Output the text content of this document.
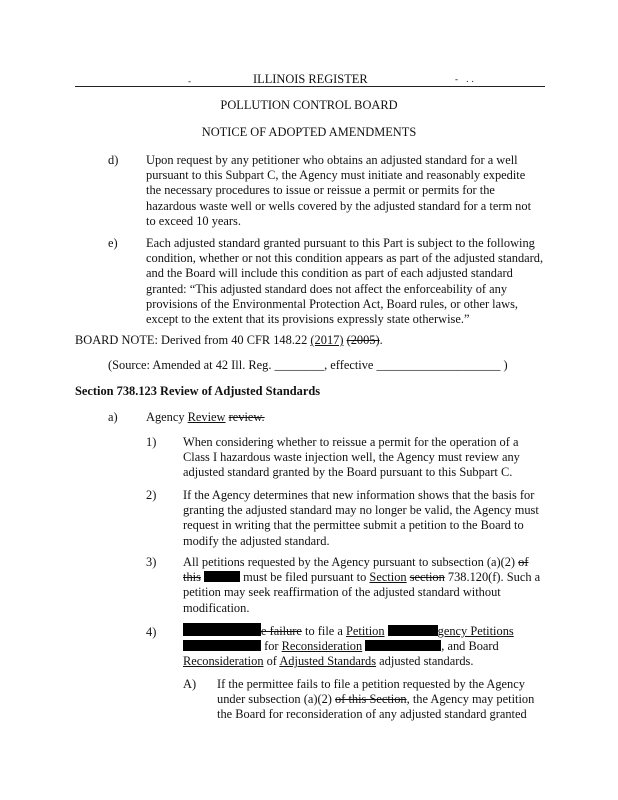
-	- ..
ILLINOIS REGISTER
POLLUTION CONTROL BOARD
NOTICE OF ADOPTED AMENDMENTS
d) Upon request by any petitioner who obtains an adjusted standard for a well pursuant to this Subpart C, the Agency must initiate and reasonably expedite the necessary procedures to issue or reissue a permit or permits for the hazardous waste well or wells covered by the adjusted standard for a term not to exceed 10 years.
e) Each adjusted standard granted pursuant to this Part is subject to the following condition, whether or not this condition appears as part of the adjusted standard, and the Board will include this condition as part of each adjusted standard granted: “This adjusted standard does not affect the enforceability of any provisions of the Environmental Protection Act, Board rules, or other laws, except to the extent that its provisions expressly state otherwise.”
BOARD NOTE: Derived from 40 CFR 148.22 (2017) (2005).
(Source: Amended at 42 Ill. Reg. ________, effective ____________________ )
Section 738.123 Review of Adjusted Standards
a) Agency Review review.
1) When considering whether to reissue a permit for the operation of a Class I hazardous waste injection well, the Agency must review any adjusted standard granted by the Board pursuant to this Subpart C.
2) If the Agency determines that new information shows that the basis for granting the adjusted standard may no longer be valid, the Agency must request in writing that the permittee submit a petition to the Board to modify the adjusted standard.
3) All petitions requested by the Agency pursuant to subsection (a)(2) of this	must be filed pursuant to Section section 738.120(f). Such a petition may seek reaffirmation of the adjusted standard without modification.
4)	e failure to file a Petition	gency Petitions
for Reconsideration	, and Board
Reconsideration of Adjusted Standards adjusted standards.
A) If the permittee fails to file a petition requested by the Agency under subsection (a)(2) of this Section, the Agency may petition the Board for reconsideration of any adjusted standard granted
